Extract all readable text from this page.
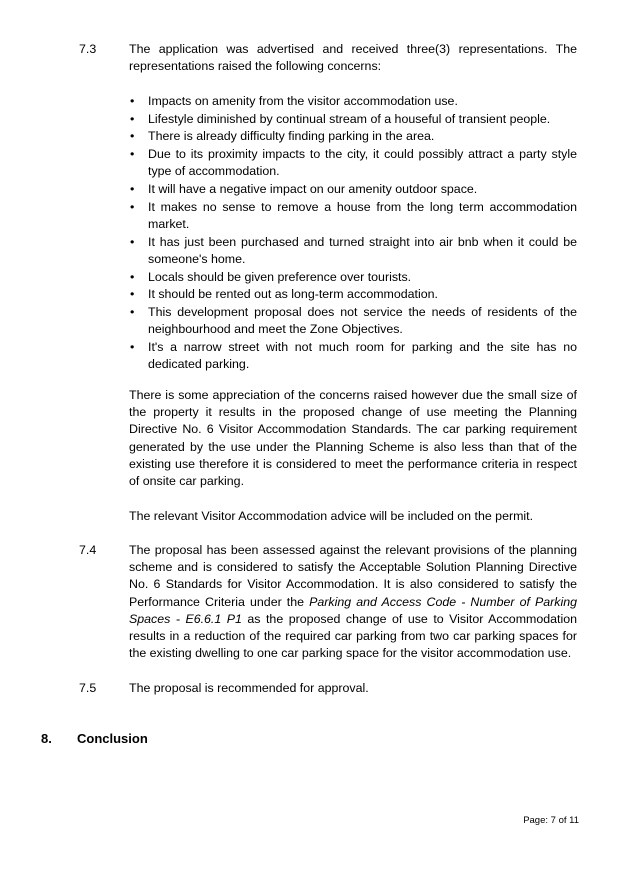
7.3	The application was advertised and received three(3) representations. The representations raised the following concerns:
• Impacts on amenity from the visitor accommodation use.
• Lifestyle diminished by continual stream of a houseful of transient people.
• There is already difficulty finding parking in the area.
• Due to its proximity impacts to the city, it could possibly attract a party style type of accommodation.
• It will have a negative impact on our amenity outdoor space.
• It makes no sense to remove a house from the long term accommodation market.
• It has just been purchased and turned straight into air bnb when it could be someone's home.
• Locals should be given preference over tourists.
• It should be rented out as long-term accommodation.
• This development proposal does not service the needs of residents of the neighbourhood and meet the Zone Objectives.
• It's a narrow street with not much room for parking and the site has no dedicated parking.
There is some appreciation of the concerns raised however due the small size of the property it results in the proposed change of use meeting the Planning Directive No. 6 Visitor Accommodation Standards. The car parking requirement generated by the use under the Planning Scheme is also less than that of the existing use therefore it is considered to meet the performance criteria in respect of onsite car parking.
The relevant Visitor Accommodation advice will be included on the permit.
7.4	The proposal has been assessed against the relevant provisions of the planning scheme and is considered to satisfy the Acceptable Solution Planning Directive No. 6 Standards for Visitor Accommodation. It is also considered to satisfy the Performance Criteria under the Parking and Access Code - Number of Parking Spaces - E6.6.1 P1 as the proposed change of use to Visitor Accommodation results in a reduction of the required car parking from two car parking spaces for the existing dwelling to one car parking space for the visitor accommodation use.
7.5	The proposal is recommended for approval.
8. Conclusion
Page: 7 of 11
